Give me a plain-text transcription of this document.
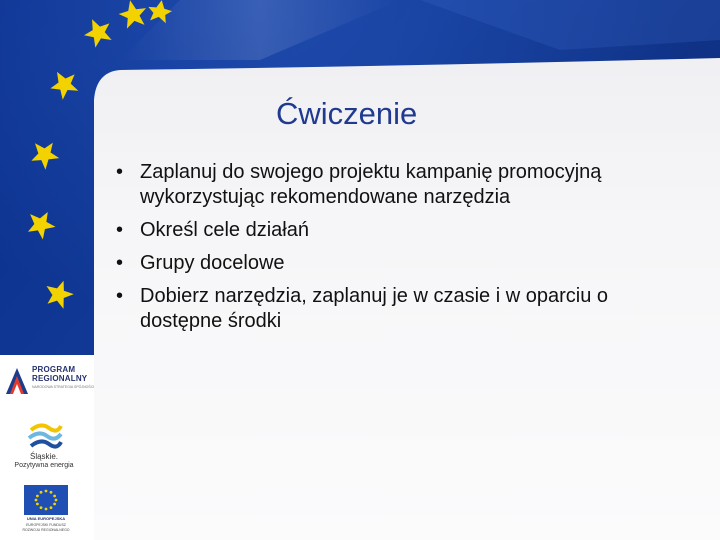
Ćwiczenie
• Zaplanuj do swojego projektu kampanię promocyjną wykorzystując rekomendowane narzędzia
• Określ cele działań
• Grupy docelowe
• Dobierz narzędzia, zaplanuj je w czasie i w oparciu o dostępne środki
PROGRAM
REGIONALNY
NARODOWA STRATEGIA SPÓJNOŚCI
Śląskie.
Pozytywna energia
UNIA EUROPEJSKA
EUROPEJSKI FUNDUSZ
ROZWOJU REGIONALNEGO
